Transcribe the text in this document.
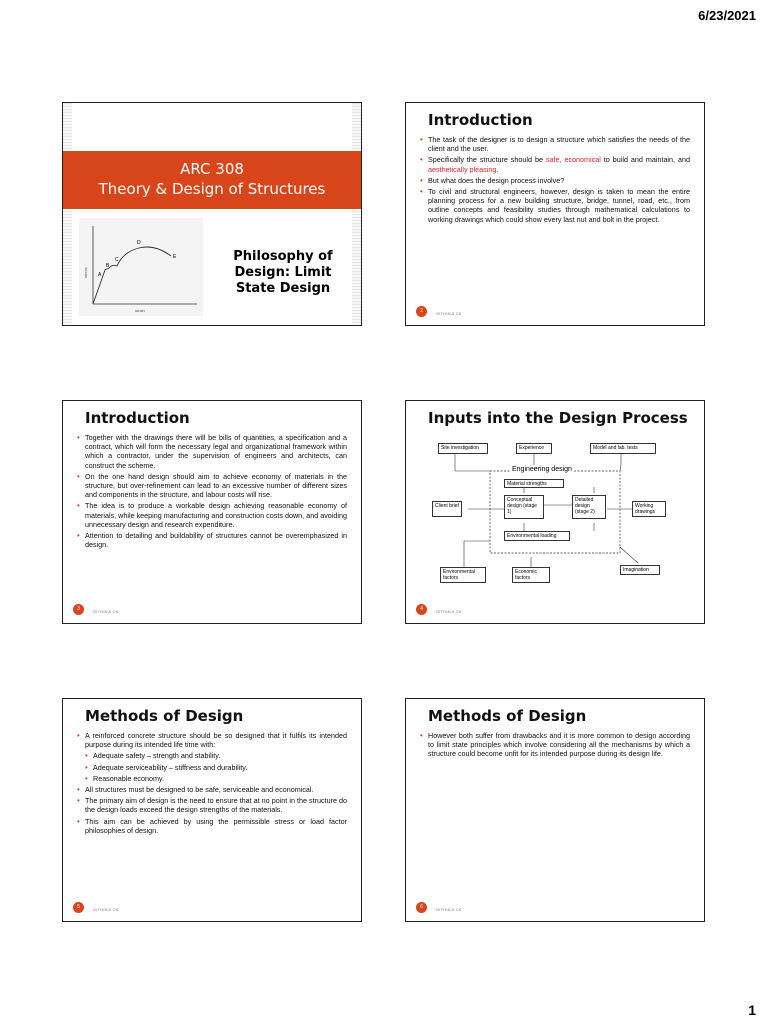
6/23/2021
ARC 308
Theory & Design of Structures
A
B
C
D
E
stress
strain
Philosophy of
Design: Limit
State Design
Introduction
• The task of the designer is to design a structure which satisfies the needs of the client and the user.
• Specifically the structure should be safe, economical to build and maintain, and aesthetically pleasing.
• But what does the design process involve?
• To civil and structural engineers, however, design is taken to mean the entire planning process for a new building structure, bridge, tunnel, road, etc., from outline concepts and feasibility studies through mathematical calculations to working drawings which could show every last nut and bolt in the project.
2	GITHINJI CK
Introduction
• Together with the drawings there will be bills of quantities, a specification and a contract, which will form the necessary legal and organizational framework within which a contractor, under the supervision of engineers and architects, can construct the scheme.
• On the one hand design should aim to achieve economy of materials in the structure, but over-refinement can lead to an excessive number of different sizes and components in the structure, and labour costs will rise.
• The idea is to produce a workable design achieving reasonable economy of materials, while keeping manufacturing and construction costs down, and avoiding unnecessary design and research expenditure.
• Attention to detailing and buildability of structures cannot be overemphasized in design.
3	GITHINJI CK
Inputs into the Design Process
Site investigation	Experience	Model and lab. tests
Engineering design
Material strengths
Client brief
Conceptual design (stage 1)
Detailed design (stage 2)
Working drawings
Environmental loading
Environmental factors
Economic factors
Imagination
4	GITHINJI CK
Methods of Design
• A reinforced concrete structure should be so designed that it fulfils its intended purpose during its intended life time with:
• Adequate safety – strength and stability.
• Adequate serviceability – stiffness and durability.
• Reasonable economy.
• All structures must be designed to be safe, serviceable and economical.
• The primary aim of design is the need to ensure that at no point in the structure do the design loads exceed the design strengths of the materials.
• This aim can be achieved by using the permissible stress or load factor philosophies of design.
5	GITHINJI CK
Methods of Design
• However both suffer from drawbacks and it is more common to design according to limit state principles which involve considering all the mechanisms by which a structure could become unfit for its intended purpose during its design life.
6	GITHINJI CK
1
